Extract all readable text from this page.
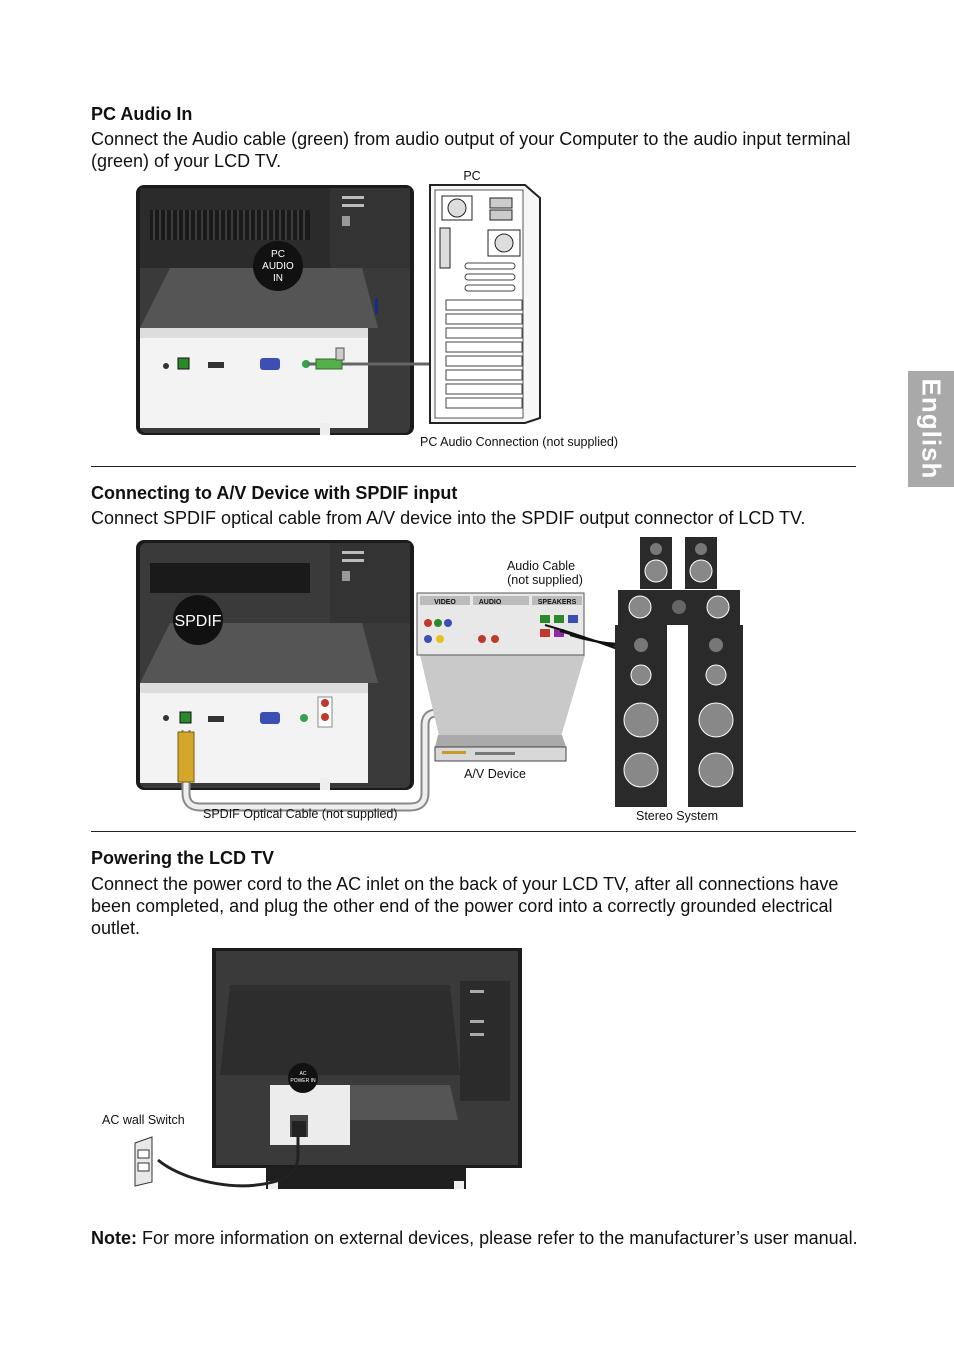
English
PC Audio In
Connect the Audio cable (green) from audio output of your Computer to the audio input terminal (green) of your LCD TV.
PC
AUDIO
IN
PC
PC Audio Connection (not supplied)
Connecting to A/V Device with SPDIF input
Connect SPDIF optical cable from A/V device into the SPDIF output connector of LCD TV.
SPDIF
VIDEO	AUDIO	SPEAKERS
Audio Cable
(not supplied)
A/V Device
SPDIF Optical Cable (not supplied)	Stereo System
Powering the LCD TV
Connect the power cord to the AC inlet on the back of your LCD TV, after all connections have been completed, and plug the other end of the power cord into a correctly grounded electrical outlet.
AC
POWER IN
AC wall Switch
Note: For more information on external devices, please refer to the manufacturer’s user manual.
